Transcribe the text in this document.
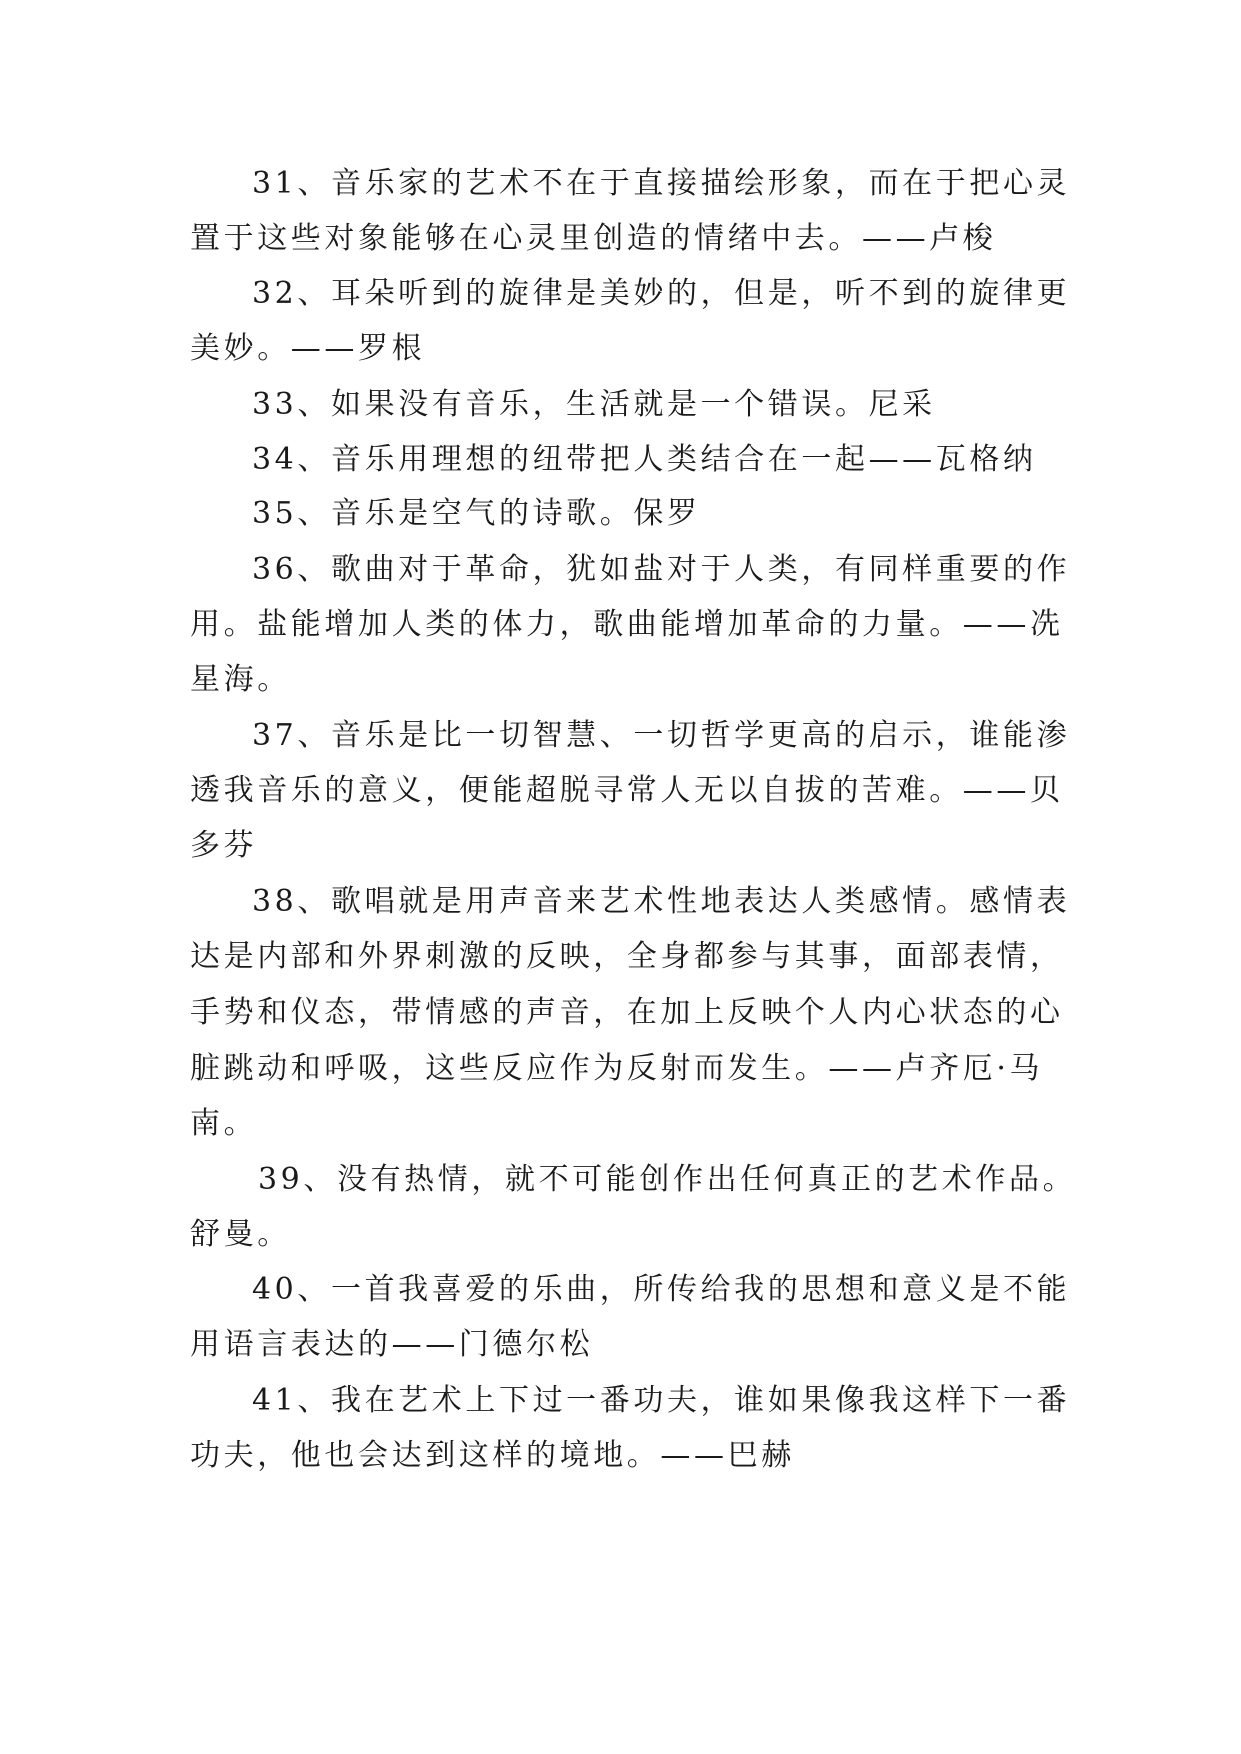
31、音乐家的艺术不在于直接描绘形象，而在于把心灵
置于这些对象能够在心灵里创造的情绪中去。——卢梭
32、耳朵听到的旋律是美妙的，但是，听不到的旋律更
美妙。——罗根
33、如果没有音乐，生活就是一个错误。尼采
34、音乐用理想的纽带把人类结合在一起——瓦格纳
35、音乐是空气的诗歌。保罗
36、歌曲对于革命，犹如盐对于人类，有同样重要的作
用。盐能增加人类的体力，歌曲能增加革命的力量。——冼
星海。
37、音乐是比一切智慧、一切哲学更高的启示，谁能渗
透我音乐的意义，便能超脱寻常人无以自拔的苦难。——贝
多芬
38、歌唱就是用声音来艺术性地表达人类感情。感情表
达是内部和外界刺激的反映，全身都参与其事，面部表情，
手势和仪态，带情感的声音，在加上反映个人内心状态的心
脏跳动和呼吸，这些反应作为反射而发生。——卢齐厄·马
南。
39、没有热情，就不可能创作出任何真正的艺术作品。
舒曼。
40、一首我喜爱的乐曲，所传给我的思想和意义是不能
用语言表达的——门德尔松
41、我在艺术上下过一番功夫，谁如果像我这样下一番
功夫，他也会达到这样的境地。——巴赫
